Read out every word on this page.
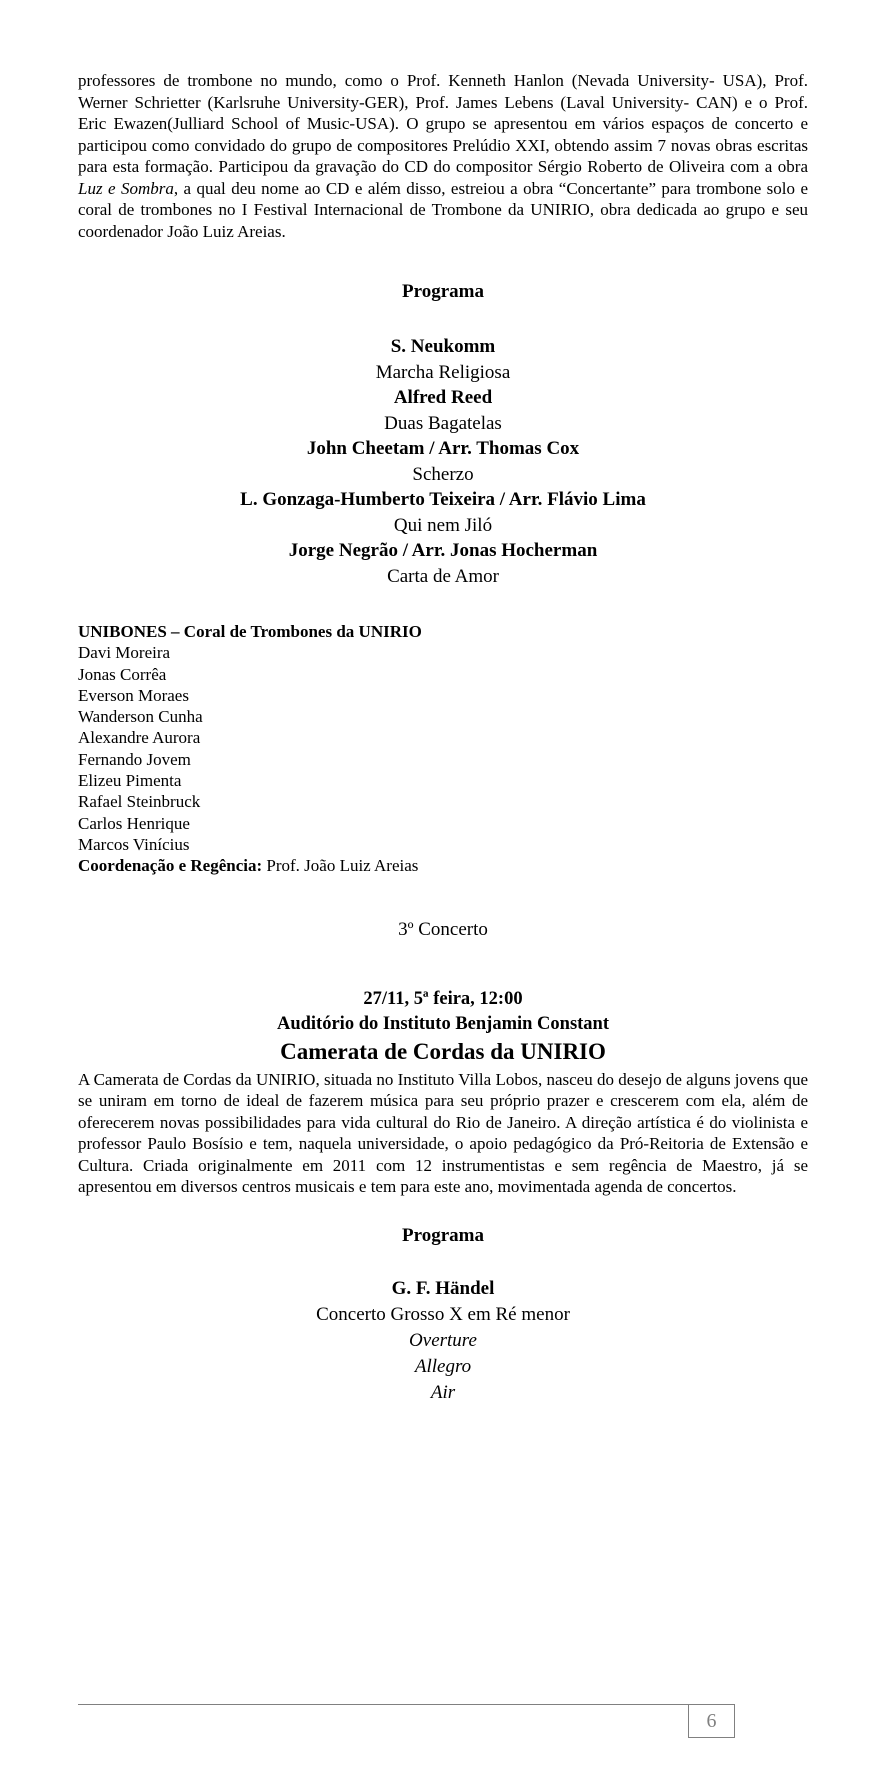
professores de trombone no mundo, como o Prof. Kenneth Hanlon (Nevada University- USA), Prof. Werner Schrietter (Karlsruhe University-GER), Prof. James Lebens (Laval University- CAN) e o Prof. Eric Ewazen(Julliard School of Music-USA). O grupo se apresentou em vários espaços de concerto e participou como convidado do grupo de compositores Prelúdio XXI, obtendo assim 7 novas obras escritas para esta formação. Participou da gravação do CD do compositor Sérgio Roberto de Oliveira com a obra Luz e Sombra, a qual deu nome ao CD e além disso, estreiou a obra “Concertante” para trombone solo e coral de trombones no I Festival Internacional de Trombone da UNIRIO, obra dedicada ao grupo e seu coordenador João Luiz Areias.

Programa
S. Neukomm
Marcha Religiosa
Alfred Reed
Duas Bagatelas
John Cheetam / Arr. Thomas Cox
Scherzo
L. Gonzaga-Humberto Teixeira / Arr. Flávio Lima
Qui nem Jiló
Jorge Negrão / Arr. Jonas Hocherman
Carta de Amor
UNIBONES – Coral de Trombones da UNIRIO
Davi Moreira
Jonas Corrêa
Everson Moraes
Wanderson Cunha
Alexandre Aurora
Fernando Jovem
Elizeu Pimenta
Rafael Steinbruck
Carlos Henrique
Marcos Vinícius
Coordenação e Regência: Prof. João Luiz Areias
3º Concerto
27/11, 5ª feira, 12:00
Auditório do Instituto Benjamin Constant
Camerata de Cordas da UNIRIO

A Camerata de Cordas da UNIRIO, situada no Instituto Villa Lobos, nasceu do desejo de alguns jovens que se uniram em torno de ideal de fazerem música para seu próprio prazer e crescerem com ela, além de oferecerem novas possibilidades para vida cultural do Rio de Janeiro. A direção artística é do violinista e professor Paulo Bosísio e tem, naquela universidade, o apoio pedagógico da Pró-Reitoria de Extensão e Cultura. Criada originalmente em 2011 com 12 instrumentistas e sem regência de Maestro, já se apresentou em diversos centros musicais e tem para este ano, movimentada agenda de concertos.

Programa
G. F. Händel
Concerto Grosso X em Ré menor
Overture
Allegro
Air
6
